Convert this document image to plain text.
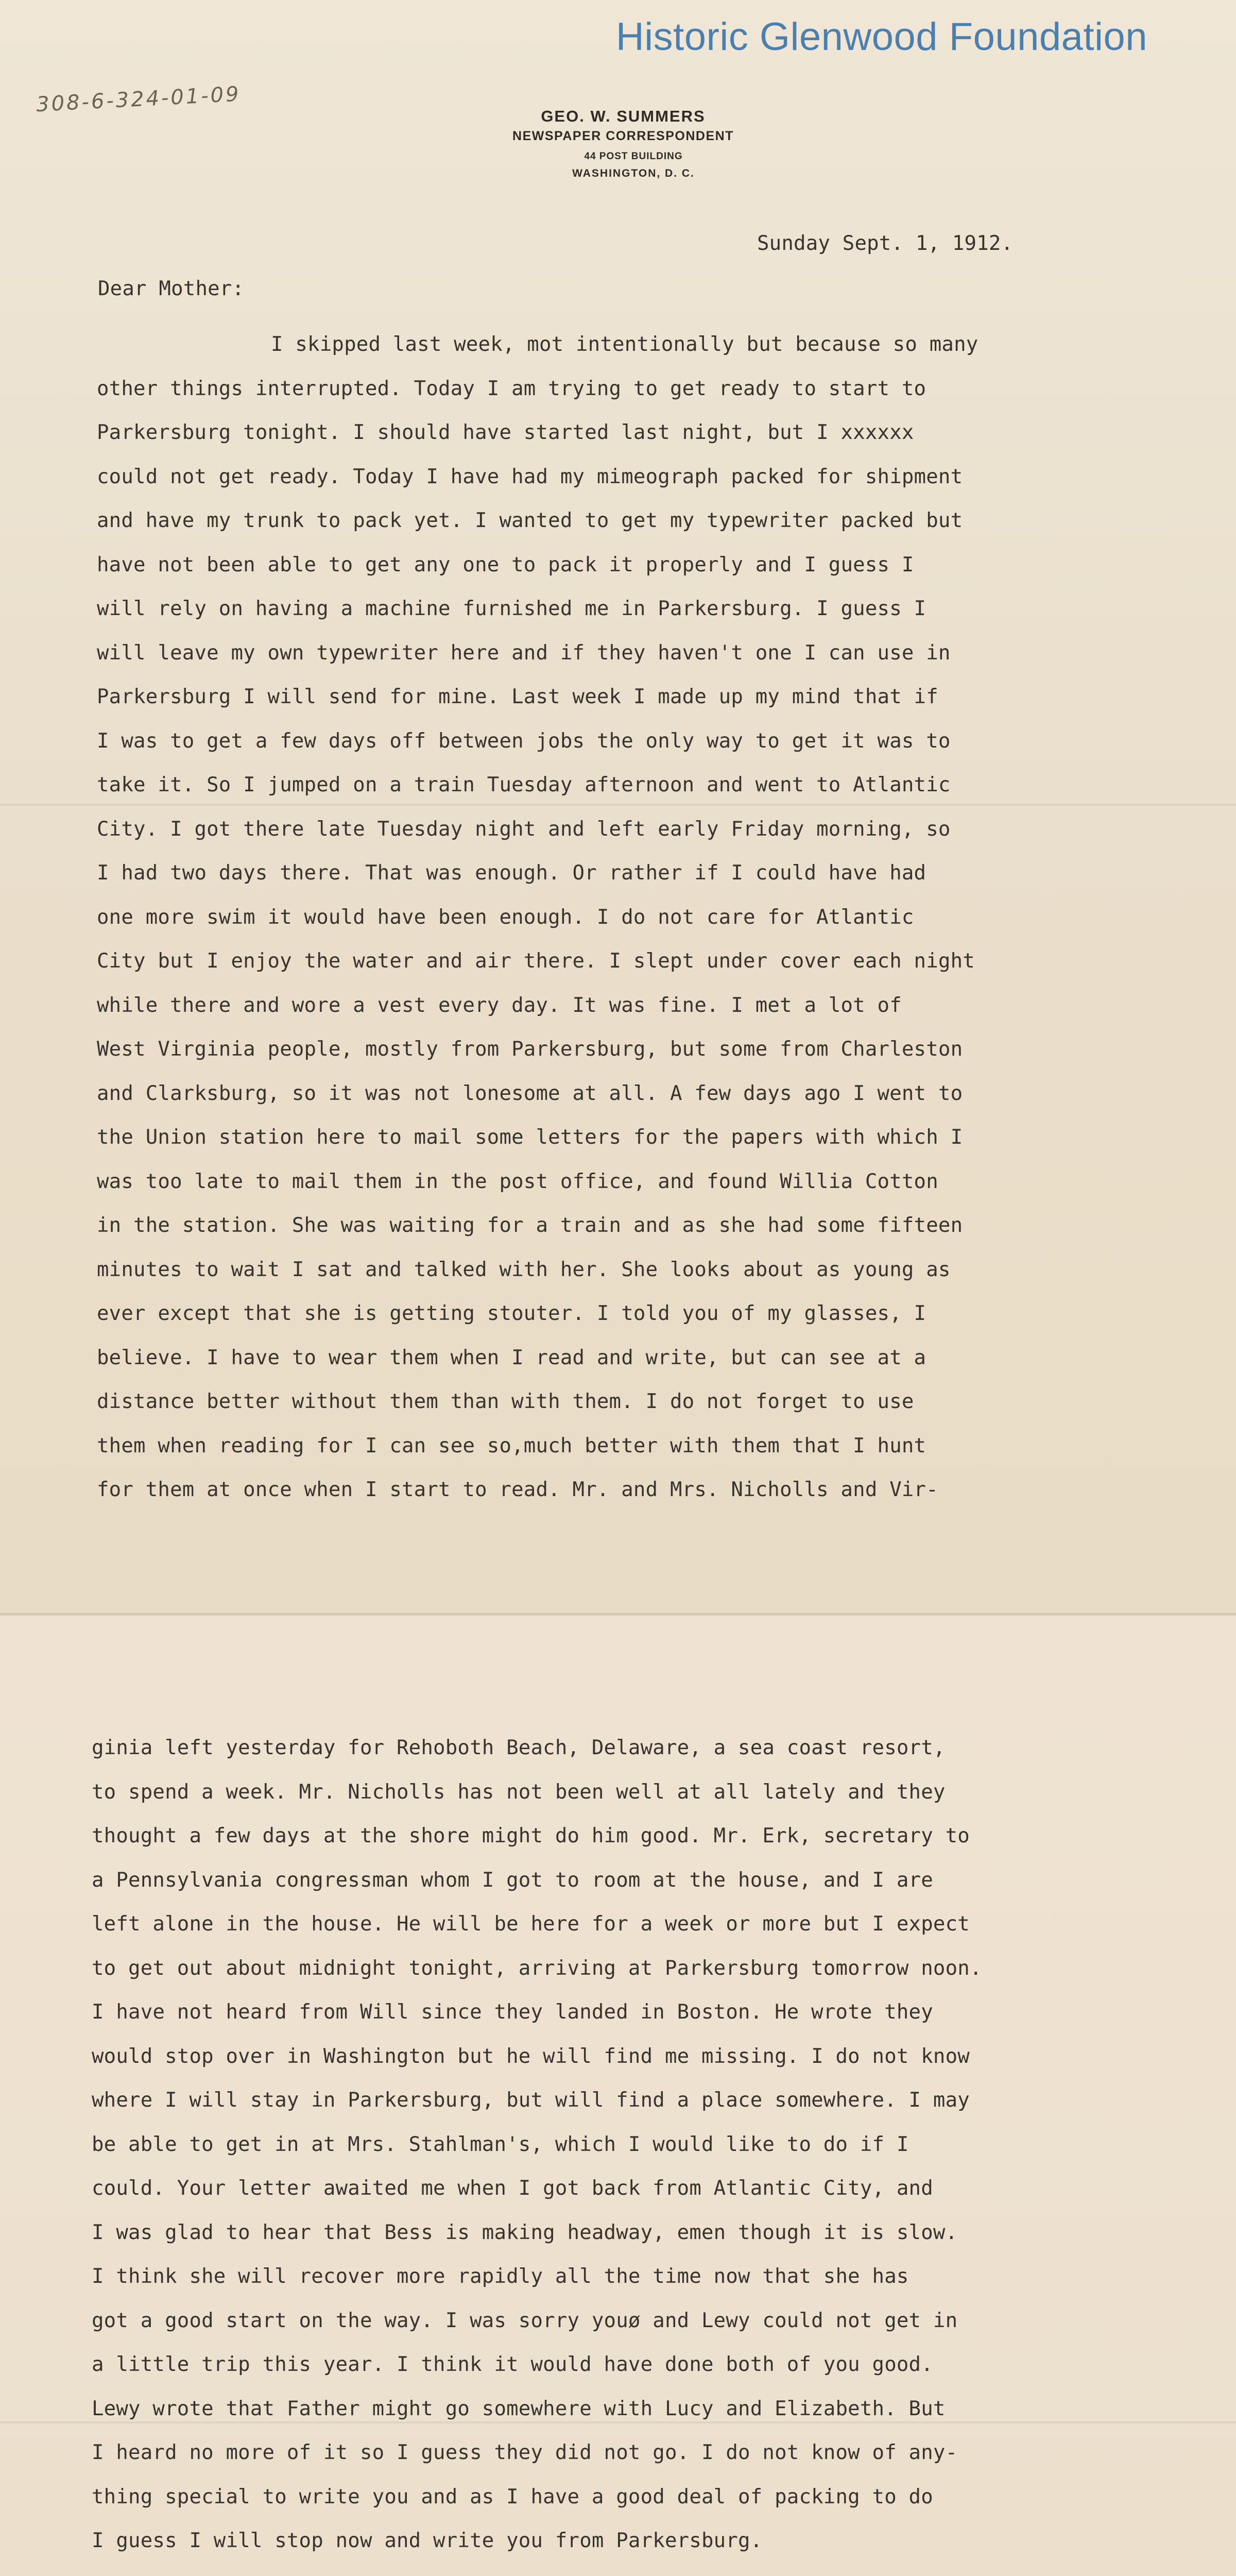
Historic Glenwood Foundation
308-6-324-01-09	GEO. W. SUMMERS
NEWSPAPER CORRESPONDENT
44 POST BUILDING
WASHINGTON, D. C.
Sunday Sept. 1, 1912.
Dear Mother:
I skipped last week, mot intentionally but because so many
other things interrupted. Today I am trying to get ready to start to
Parkersburg tonight. I should have started last night, but I xxxxxx
could not get ready. Today I have had my mimeograph packed for shipment
and have my trunk to pack yet. I wanted to get my typewriter packed but
have not been able to get any one to pack it properly and I guess I
will rely on having a machine furnished me in Parkersburg. I guess I
will leave my own typewriter here and if they haven't one I can use in
Parkersburg I will send for mine. Last week I made up my mind that if
I was to get a few days off between jobs the only way to get it was to
take it. So I jumped on a train Tuesday afternoon and went to Atlantic
City. I got there late Tuesday night and left early Friday morning, so
I had two days there. That was enough. Or rather if I could have had
one more swim it would have been enough. I do not care for Atlantic
City but I enjoy the water and air there. I slept under cover each night
while there and wore a vest every day. It was fine. I met a lot of
West Virginia people, mostly from Parkersburg, but some from Charleston
and Clarksburg, so it was not lonesome at all. A few days ago I went to
the Union station here to mail some letters for the papers with which I
was too late to mail them in the post office, and found Willia Cotton
in the station. She was waiting for a train and as she had some fifteen
minutes to wait I sat and talked with her. She looks about as young as
ever except that she is getting stouter. I told you of my glasses, I
believe. I have to wear them when I read and write, but can see at a
distance better without them than with them. I do not forget to use
them when reading for I can see so,much better with them that I hunt
for them at once when I start to read. Mr. and Mrs. Nicholls and Vir-
ginia left yesterday for Rehoboth Beach, Delaware, a sea coast resort,
to spend a week. Mr. Nicholls has not been well at all lately and they
thought a few days at the shore might do him good. Mr. Erk, secretary to
a Pennsylvania congressman whom I got to room at the house, and I are
left alone in the house. He will be here for a week or more but I expect
to get out about midnight tonight, arriving at Parkersburg tomorrow noon.
I have not heard from Will since they landed in Boston. He wrote they
would stop over in Washington but he will find me missing. I do not know
where I will stay in Parkersburg, but will find a place somewhere. I may
be able to get in at Mrs. Stahlman's, which I would like to do if I
could. Your letter awaited me when I got back from Atlantic City, and
I was glad to hear that Bess is making headway, emen though it is slow.
I think she will recover more rapidly all the time now that she has
got a good start on the way. I was sorry youø and Lewy could not get in
a little trip this year. I think it would have done both of you good.
Lewy wrote that Father might go somewhere with Lucy and Elizabeth. But
I heard no more of it so I guess they did not go. I do not know of any-
thing special to write you and as I have a good deal of packing to do
I guess I will stop now and write you from Parkersburg.
